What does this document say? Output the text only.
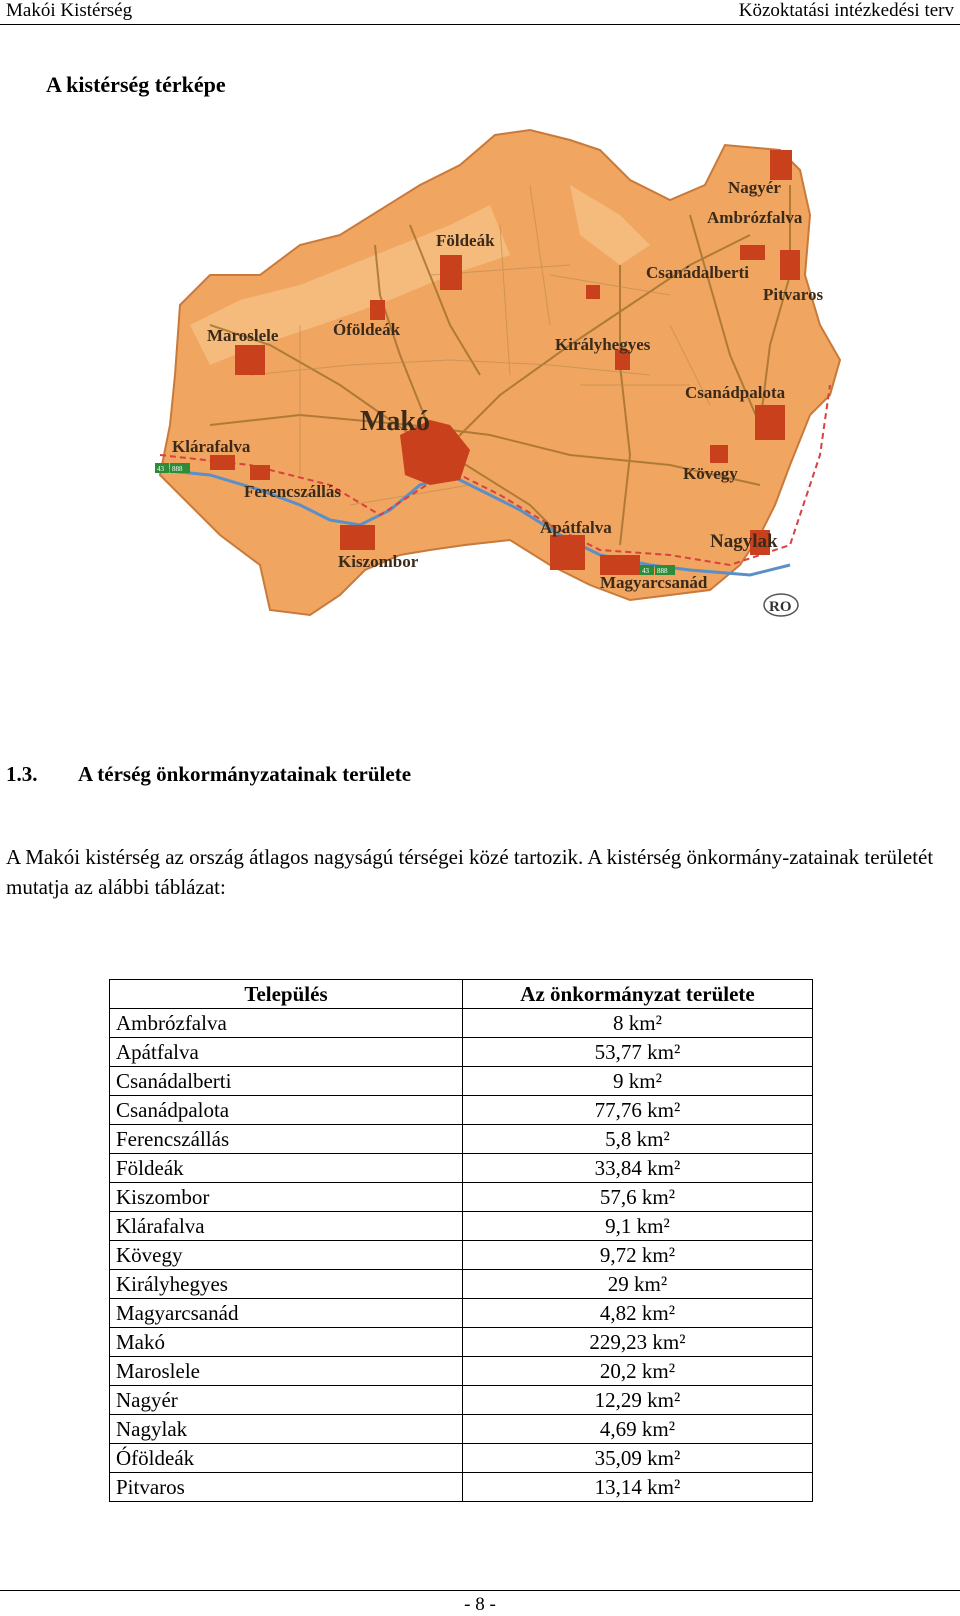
Makói Kistérség	Közoktatási intézkedési terv
A kistérség térképe
43 888
43 888
Nagyér
Ambrózfalva
Földeák
Csanádalberti
Pitvaros
Maroslele	Óföldeák
Királyhegyes
Csanádpalota
Makó
Klárafalva
Kövegy
Ferencszállás
Apátfalva
Nagylak
Kiszombor
Magyarcsanád
RO
1.3. A térség önkormányzatainak területe
A Makói kistérség az ország átlagos nagyságú térségei közé tartozik. A kistérség önkormány-zatainak területét mutatja az alábbi táblázat:
Település	Az önkormányzat területe
Ambrózfalva	8 km²
Apátfalva	53,77 km²
Csanádalberti	9 km²
Csanádpalota	77,76 km²
Ferencszállás	5,8 km²
Földeák	33,84 km²
Kiszombor	57,6 km²
Klárafalva	9,1 km²
Kövegy	9,72 km²
Királyhegyes	29 km²
Magyarcsanád	4,82 km²
Makó	229,23 km²
Maroslele	20,2 km²
Nagyér	12,29 km²
Nagylak	4,69 km²
Óföldeák	35,09 km²
Pitvaros	13,14 km²
- 8 -
